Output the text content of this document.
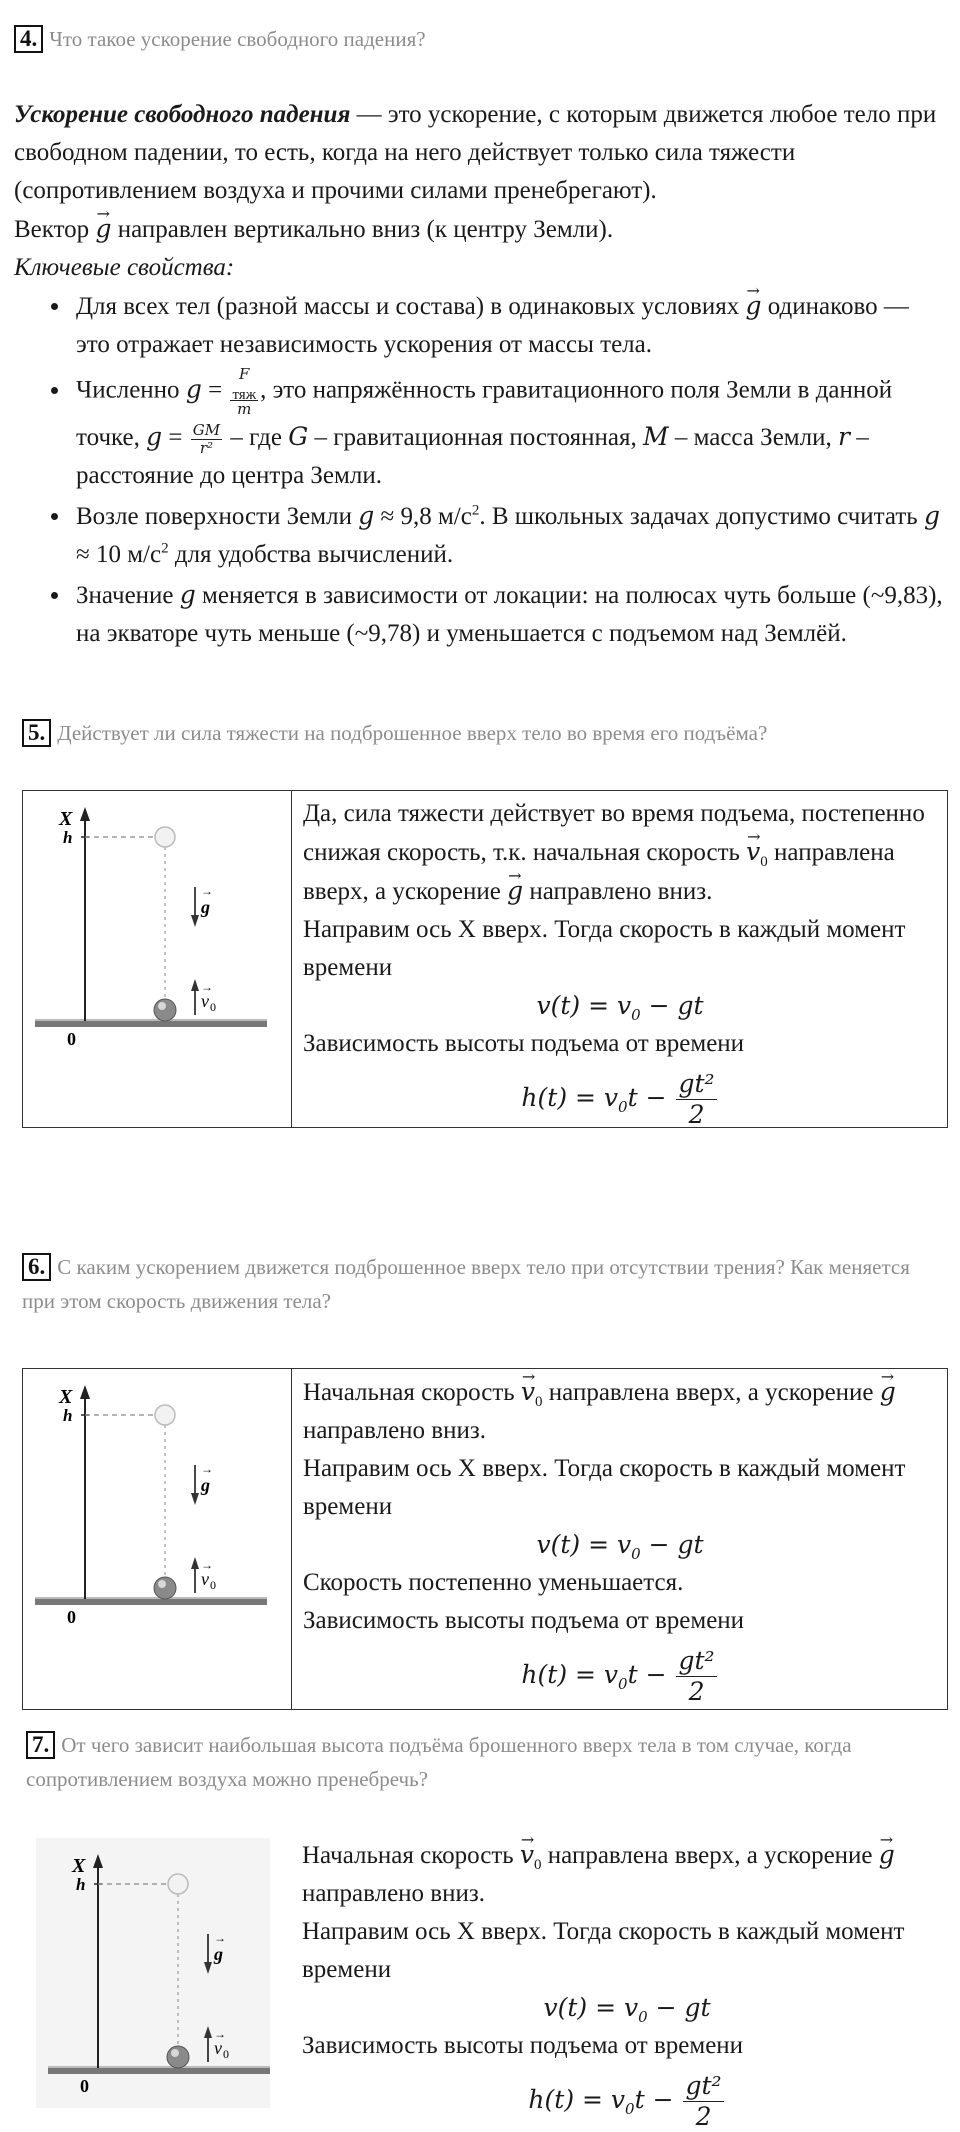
4. Что такое ускорение свободного падения?
Ускорение свободного падения — это ускорение, с которым движется любое тело при свободном падении, то есть, когда на него действует только сила тяжести (сопротивлением воздуха и прочими силами пренебрегают).
Вектор → g направлен вертикально вниз (к центру Земли).
Ключевые свойства:
• Для всех тел (разной массы и состава) в одинаковых условиях → g одинаково — это отражает независимость ускорения от массы тела.
• Численно g = F
$_{тяж}$
m , это напряжённость гравитационного поля Земли в данной точке, $g = \frac{GM}{\text{r²}}$ – где G – гравитационная постоянная, M – масса Земли, r – расстояние до центра Земли.
• Возле поверхности Земли g ≈ 9,8 $м/с^2$. В школьных задачах допустимо считать g ≈ 10 $м/с^2$ для удобства вычислений.
• Значение g меняется в зависимости от локации: на полюсах чуть больше (~9,83), на экваторе чуть меньше (~9,78) и уменьшается с подъемом над Землёй.
5. Действует ли сила тяжести на подброшенное вверх тело во время его подъёма?
X
h
0
g
→
v 0
→
Да, сила тяжести действует во время подъема, постепенно снижая скорость, т.к. начальная скорость → $v_0$ направлена вверх, а ускорение → g направлено вниз.
Направим ось X вверх. Тогда скорость в каждый момент времени
$v(t) = v_0$ − gt
Зависимость высоты подъема от времени
$h(t) = v_0t - \frac{\text{gt²}}{2}$
6. С каким ускорением движется подброшенное вверх тело при отсутствии трения? Как меняется при этом скорость движения тела?
X
h
0
g
→
v 0
→
Начальная скорость → $v_0$ направлена вверх, а ускорение → g направлено вниз.
Направим ось X вверх. Тогда скорость в каждый момент времени
$v(t) = v_0$ − gt
Скорость постепенно уменьшается.
Зависимость высоты подъема от времени
$h(t) = v_0t - \frac{\text{gt²}}{2}$
7. От чего зависит наибольшая высота подъёма брошенного вверх тела в том случае, когда сопротивлением воздуха можно пренебречь?
X
h
0
g
→
v 0
→
Начальная скорость → $v_0$ направлена вверх, а ускорение → g направлено вниз.
Направим ось X вверх. Тогда скорость в каждый момент времени
$v(t) = v_0$ − gt
Зависимость высоты подъема от времени
$h(t) = v_0t - \frac{\text{gt²}}{2}$
